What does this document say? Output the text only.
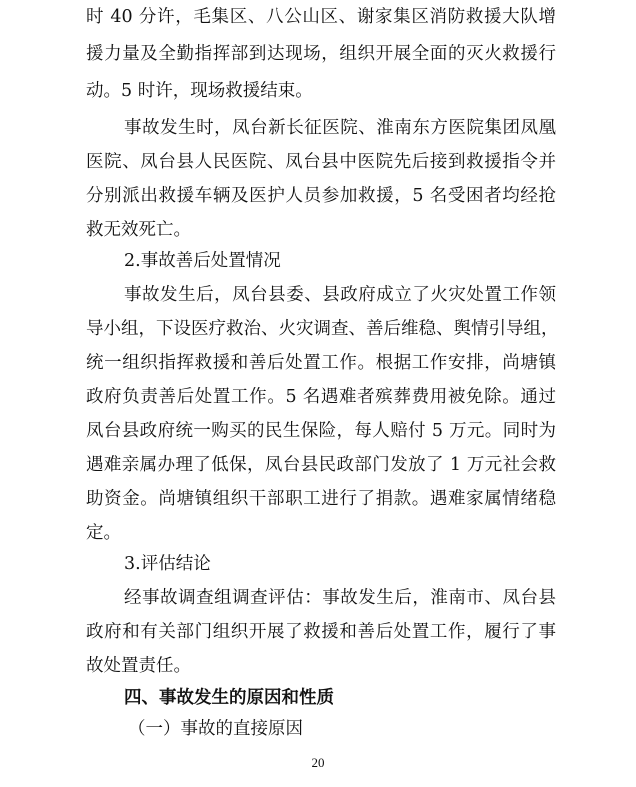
时 40 分许，毛集区、八公山区、谢家集区消防救援大队增
援力量及全勤指挥部到达现场，组织开展全面的灭火救援行
动。5 时许，现场救援结束。
事故发生时，凤台新长征医院、淮南东方医院集团凤凰
医院、凤台县人民医院、凤台县中医院先后接到救援指令并
分别派出救援车辆及医护人员参加救援，5 名受困者均经抢
救无效死亡。
2.事故善后处置情况
事故发生后，凤台县委、县政府成立了火灾处置工作领
导小组，下设医疗救治、火灾调查、善后维稳、舆情引导组，
统一组织指挥救援和善后处置工作。根据工作安排，尚塘镇
政府负责善后处置工作。5 名遇难者殡葬费用被免除。通过
凤台县政府统一购买的民生保险，每人赔付 5 万元。同时为
遇难亲属办理了低保，凤台县民政部门发放了 1 万元社会救
助资金。尚塘镇组织干部职工进行了捐款。遇难家属情绪稳
定。
3.评估结论
经事故调查组调查评估：事故发生后，淮南市、凤台县
政府和有关部门组织开展了救援和善后处置工作，履行了事
故处置责任。
四、事故发生的原因和性质
（一）事故的直接原因
20
